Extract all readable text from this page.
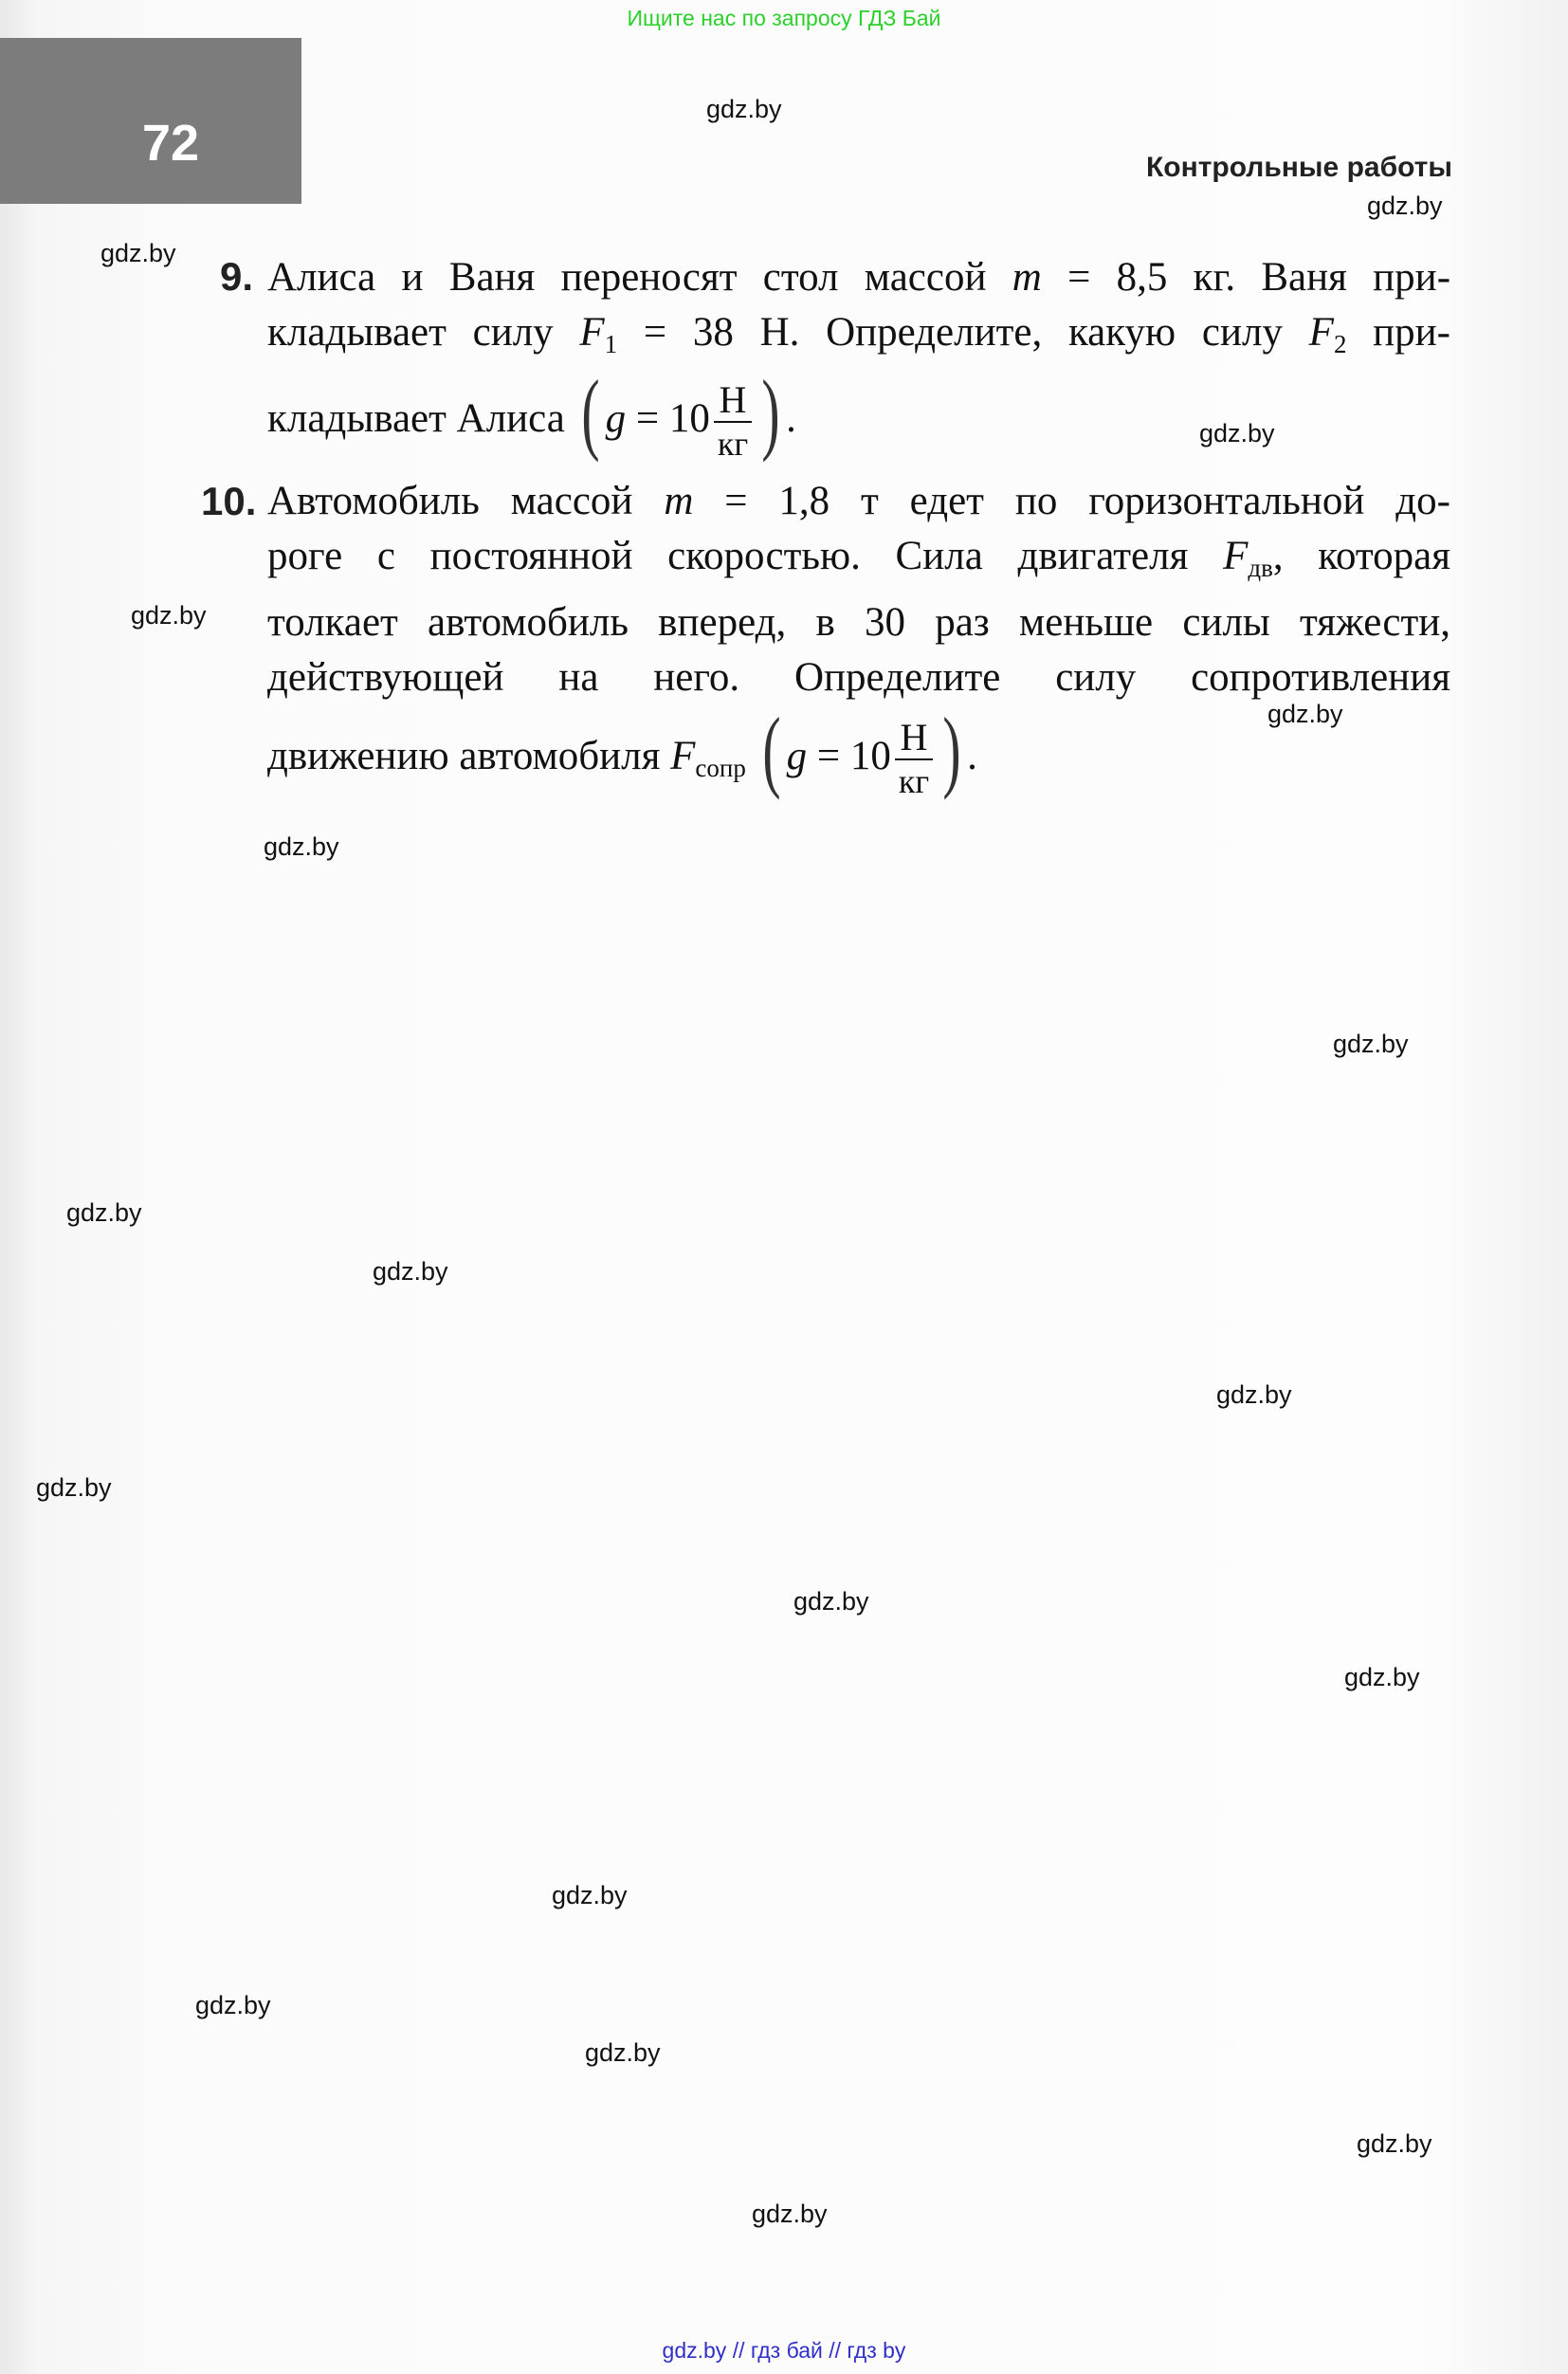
Ищите нас по запросу ГДЗ Бай
72	Контрольные работы
9. Алиса и Ваня переносят стол массой m = 8,5 кг. Ваня при-
кладывает силу $F_1 = 38$ Н. Определите, какую силу $F_2$ при-
кладывает Алиса ( $g = 10 \frac{Н}{кг}$ ) .
10. Автомобиль массой m = 1,8 т едет по горизонтальной до-
роге с постоянной скоростью. Сила двигателя $F_{дв}$, которая
толкает автомобиль вперед, в 30 раз меньше силы тяжести,
действующей на него. Определите силу сопротивления
движению автомобиля $F_{сопр}$ ( $g = 10 \frac{Н}{кг}$ ) .
gdz.by
gdz.by
gdz.by
gdz.by
gdz.by
gdz.by
gdz.by
gdz.by
gdz.by
gdz.by
gdz.by
gdz.by
gdz.by
gdz.by
gdz.by
gdz.by
gdz.by
gdz.by
gdz.by
gdz.by // гдз бай // гдз by
